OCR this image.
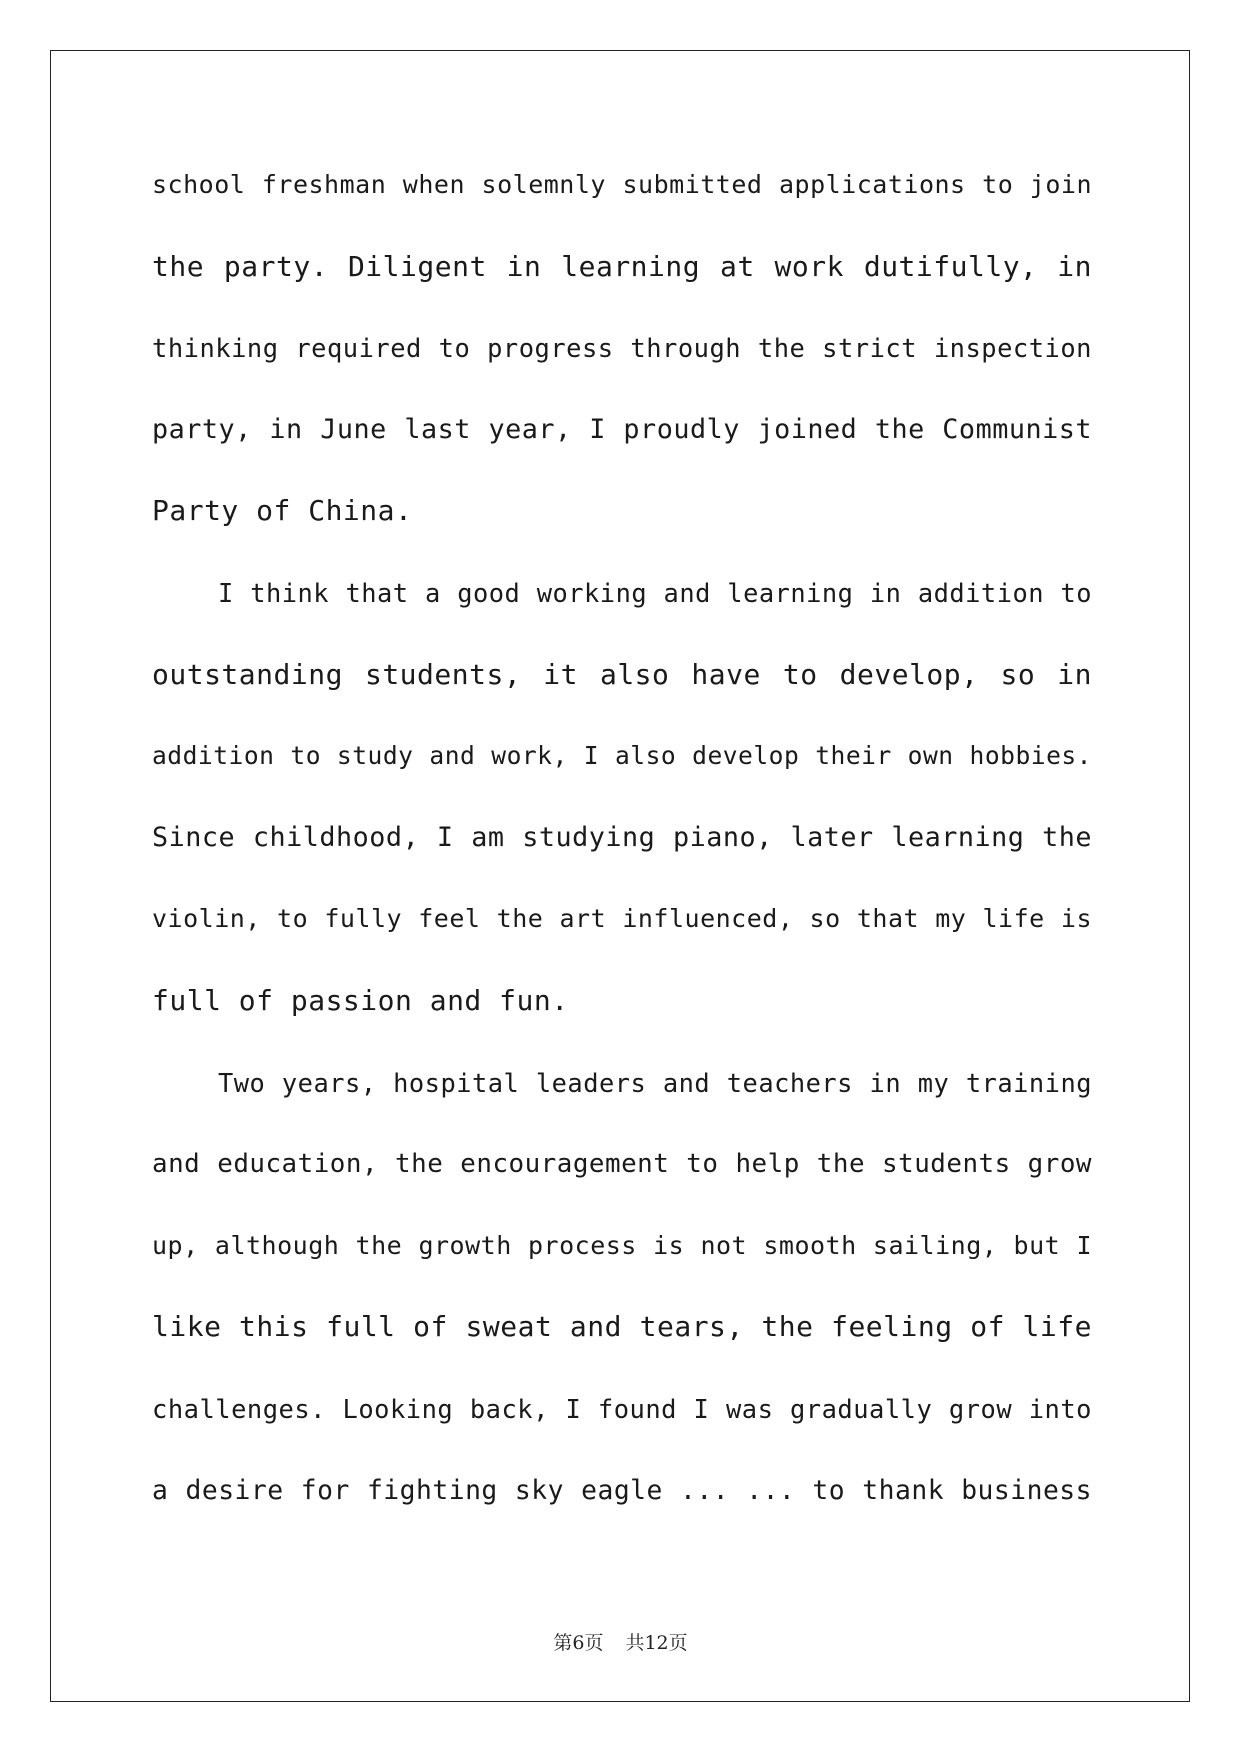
school freshman when solemnly submitted applications to join
the party. Diligent in learning at work dutifully, in
thinking required to progress through the strict inspection
party, in June last year, I proudly joined the Communist
Party of China.
I think that a good working and learning in addition to
outstanding students, it also have to develop, so in
addition to study and work, I also develop their own hobbies.
Since childhood, I am studying piano, later learning the
violin, to fully feel the art influenced, so that my life is
full of passion and fun.
Two years, hospital leaders and teachers in my training
and education, the encouragement to help the students grow
up, although the growth process is not smooth sailing, but I
like this full of sweat and tears, the feeling of life
challenges. Looking back, I found I was gradually grow into
a desire for fighting sky eagle ... ... to thank business
第6页 共12页
